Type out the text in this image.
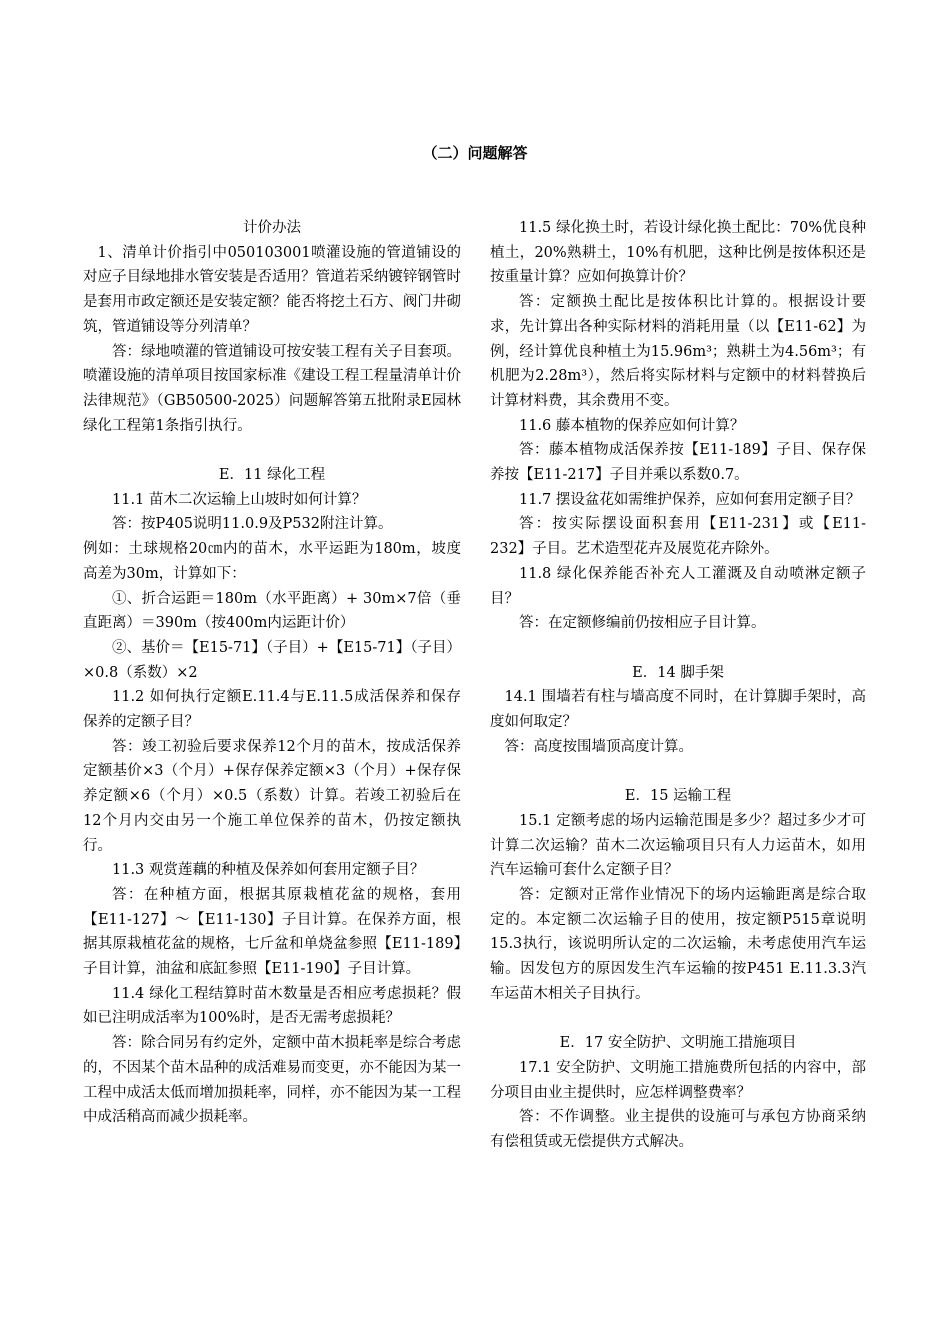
（二）问题解答

计价办法

1、清单计价指引中050103001喷灌设施的管道铺设的对应子目绿地排水管安装是否适用？管道若采纳镀锌钢管时是套用市政定额还是安装定额？能否将挖土石方、阀门井砌筑，管道铺设等分列清单？

答：绿地喷灌的管道铺设可按安装工程有关子目套项。喷灌设施的清单项目按国家标准《建设工程工程量清单计价法律规范》（GB50500-2025）问题解答第五批附录E园林绿化工程第1条指引执行。

E．11 绿化工程

11.1 苗木二次运输上山坡时如何计算？

答：按P405说明11.0.9及P532附注计算。

例如：土球规格20㎝内的苗木，水平运距为180m，坡度高差为30m，计算如下：

①、折合运距＝180m（水平距离）+ 30m×7倍（垂直距离）＝390m（按400m内运距计价）

②、基价＝【E15-71】（子目）+【E15-71】（子目）×0.8（系数）×2

11.2 如何执行定额E.11.4与E.11.5成活保养和保存保养的定额子目？

答：竣工初验后要求保养12个月的苗木，按成活保养定额基价×3（个月）+保存保养定额×3（个月）+保存保养定额×6（个月）×0.5（系数）计算。若竣工初验后在12个月内交由另一个施工单位保养的苗木，仍按定额执行。

11.3 观赏莲藕的种植及保养如何套用定额子目？

答：在种植方面，根据其原栽植花盆的规格，套用【E11-127】～【E11-130】子目计算。在保养方面，根据其原栽植花盆的规格，七斤盆和单烧盆参照【E11-189】子目计算，油盆和底缸参照【E11-190】子目计算。

11.4 绿化工程结算时苗木数量是否相应考虑损耗？假如已注明成活率为100%时，是否无需考虑损耗？

答：除合同另有约定外，定额中苗木损耗率是综合考虑的，不因某个苗木品种的成活难易而变更，亦不能因为某一工程中成活太低而增加损耗率，同样，亦不能因为某一工程中成活稍高而减少损耗率。

11.5 绿化换土时，若设计绿化换土配比：70%优良种植土，20%熟耕土，10%有机肥，这种比例是按体积还是按重量计算？应如何换算计价？

答：定额换土配比是按体积比计算的。根据设计要求，先计算出各种实际材料的消耗用量（以【E11-62】为例，经计算优良种植土为15.96m³；熟耕土为4.56m³；有机肥为2.28m³），然后将实际材料与定额中的材料替换后计算材料费，其余费用不变。

11.6 藤本植物的保养应如何计算？

答：藤本植物成活保养按【E11-189】子目、保存保养按【E11-217】子目并乘以系数0.7。

11.7 摆设盆花如需维护保养，应如何套用定额子目？

答：按实际摆设面积套用【E11-231】或【E11-232】子目。艺术造型花卉及展览花卉除外。

11.8 绿化保养能否补充人工灌溉及自动喷淋定额子目？

答：在定额修编前仍按相应子目计算。

E．14 脚手架

14.1 围墙若有柱与墙高度不同时，在计算脚手架时，高度如何取定？

答：高度按围墙顶高度计算。

E．15 运输工程

15.1 定额考虑的场内运输范围是多少？超过多少才可计算二次运输？苗木二次运输项目只有人力运苗木，如用汽车运输可套什么定额子目？

答：定额对正常作业情况下的场内运输距离是综合取定的。本定额二次运输子目的使用，按定额P515章说明15.3执行，该说明所认定的二次运输，未考虑使用汽车运输。因发包方的原因发生汽车运输的按P451 E.11.3.3汽车运苗木相关子目执行。

E．17 安全防护、文明施工措施项目

17.1 安全防护、文明施工措施费所包括的内容中，部分项目由业主提供时，应怎样调整费率？

答：不作调整。业主提供的设施可与承包方协商采纳有偿租赁或无偿提供方式解决。
